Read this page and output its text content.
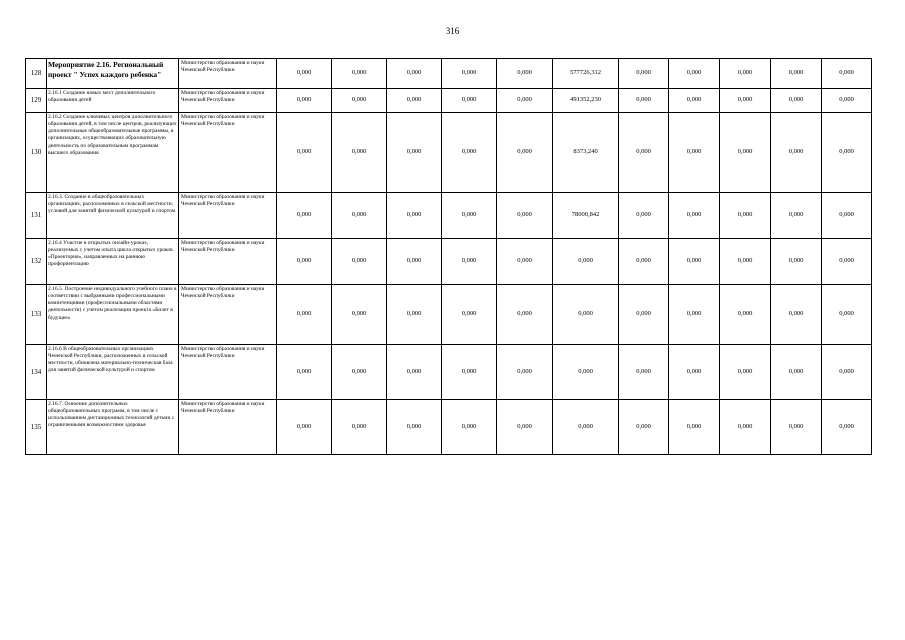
316
128	Мероприятие 2.16. Региональный проект " Успех каждого ребенка"	Министерство образования и науки Чеченской Республики	0,000	0,000	0,000	0,000	0,000	577726,312	0,000	0,000	0,000	0,000	0,000
129	2.16.1 Создание новых мест дополнительного образования детей	Министерство образования и науки Чеченской Республики	0,000	0,000	0,000	0,000	0,000	491352,230	0,000	0,000	0,000	0,000	0,000
130	2.16.2 Создание ключевых центров дополнительного образования детей, в том числе центров, реализующих дополнительные общеобразовательные программы, в организациях, осуществляющих образовательную деятельность по образовательным программам высшего образования	Министерство образования и науки Чеченской Республики	0,000	0,000	0,000	0,000	0,000	8373,240	0,000	0,000	0,000	0,000	0,000
131	2.16.3. Создание в общеобразовательных организациях, расположенных в сельской местности, условий для занятий физической культурой и спортом	Министерство образования и науки Чеченской Республики	0,000	0,000	0,000	0,000	0,000	78000,842	0,000	0,000	0,000	0,000	0,000
132	2.16.4 Участие в открытых онлайн-уроках, реализуемых с учетом опыта цикла открытых уроков «Проектория», направленных на раннюю профориентацию	Министерство образования и науки Чеченской Республики	0,000	0,000	0,000	0,000	0,000	0,000	0,000	0,000	0,000	0,000	0,000
133	2.16.5. Построение индивидуального учебного плана в соответствии с выбранными профессиональными компетенциями (профессиональными областями деятельности) с учетом реализации проекта «Билет в будущее»	Министерство образования и науки Чеченской Республики	0,000	0,000	0,000	0,000	0,000	0,000	0,000	0,000	0,000	0,000	0,000
134	2.16.6 В общеобразовательных организациях Чеченской Республики, расположенных в сельской местности, обновлена материально-техническая база для занятий физической культурой и спортом	Министерство образования и науки Чеченской Республики	0,000	0,000	0,000	0,000	0,000	0,000	0,000	0,000	0,000	0,000	0,000
135	2.16.7. Освоение дополнительных общеобразовательных программ, в том числе с использованием дистанционных технологий детьми с ограниченными возможностями здоровья	Министерство образования и науки Чеченской Республики	0,000	0,000	0,000	0,000	0,000	0,000	0,000	0,000	0,000	0,000	0,000
